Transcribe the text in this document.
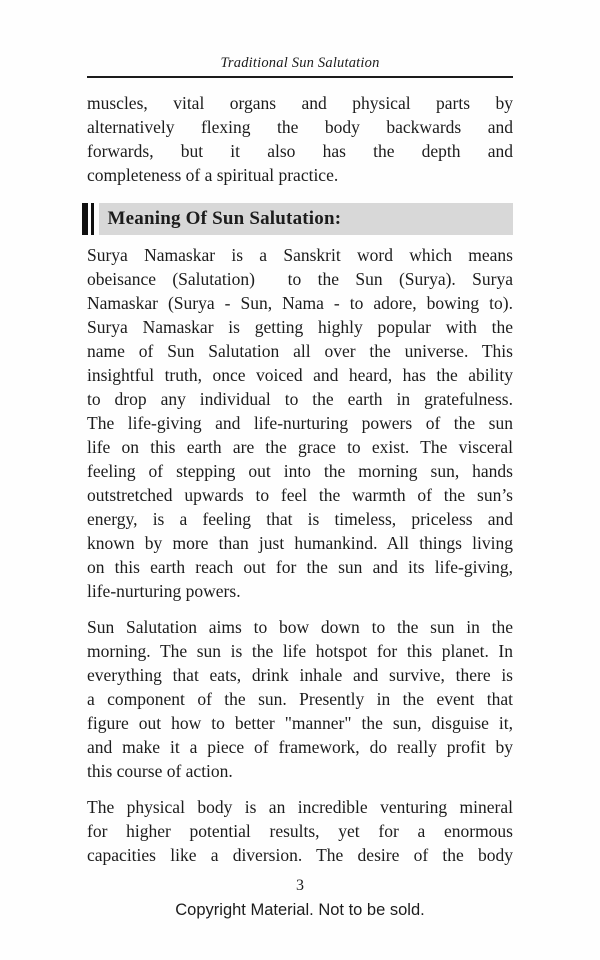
Traditional Sun Salutation
muscles, vital organs and physical parts by
alternatively flexing the body backwards and
forwards, but it also has the depth and
completeness of a spiritual practice.
Meaning Of Sun Salutation:
Surya Namaskar is a Sanskrit word which means
obeisance (Salutation)  to the Sun (Surya). Surya
Namaskar (Surya - Sun, Nama - to adore, bowing to).
Surya Namaskar is getting highly popular with the
name of Sun Salutation all over the universe. This
insightful truth, once voiced and heard, has the ability
to drop any individual to the earth in gratefulness.
The life-giving and life-nurturing powers of the sun
life on this earth are the grace to exist. The visceral
feeling of stepping out into the morning sun, hands
outstretched upwards to feel the warmth of the sun’s
energy, is a feeling that is timeless, priceless and
known by more than just humankind. All things living
on this earth reach out for the sun and its life-giving,
life-nurturing powers.
Sun Salutation aims to bow down to the sun in the
morning. The sun is the life hotspot for this planet. In
everything that eats, drink inhale and survive, there is
a component of the sun. Presently in the event that
figure out how to better "manner" the sun, disguise it,
and make it a piece of framework, do really profit by
this course of action.
The physical body is an incredible venturing mineral
for higher potential results, yet for a enormous
capacities like a diversion. The desire of the body
3
Copyright Material. Not to be sold.
